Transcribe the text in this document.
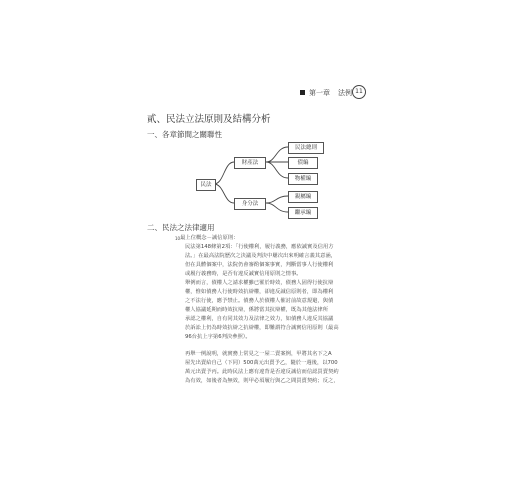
第一章 法例 11
貳、民法立法原則及結構分析
一、各章節間之關聯性
民法
財產法
身分法
民法總則
債編
物權編
親屬編
繼承編
二、民法之法律適用
$^{10}$最上位概念－誠信原則：
民法第148條第2項：「行使權利，履行義務，應依誠實及信用方
法。」在最高法院歷次之決議及判決中屢次出來明確言義其意涵，
但在具體個案中，法院仍會審酌個案事實，判斷當事人行使權利
或履行義務時，是否有違反誠實信用原則之情事。
舉例而言，債權人之請求權雖已罹於時效，債務人固得行使抗辯
權，惟如債務人行使時效抗辯權，卻違反誠信原則者，即為權利
之不法行使，應予禁止。債務人於債權人催討前故意規避，與債
權人協議延期而時效抗辯，係將當其抗辯權，既為其他法律所
承認之權利，自有同其效力及法律之效力，如債務人違反其協議
於訴訟上仍為時效抗辯之抗辯權，即難謂符合誠實信用原則（最高
96台抗上字第6判決參照）。
再舉一例說明，就實務上常見之一屋二賣案例，甲將其名下之A
屋先出賣給自己（下同）500萬元出賣予乙，隨於一週後，以700
萬元出賣予丙。此時民法上應有違背是否違反誠信而信認買賣契約
為有效，如後者為無效，則甲必須履行與乙之間買賣契約；反之，
